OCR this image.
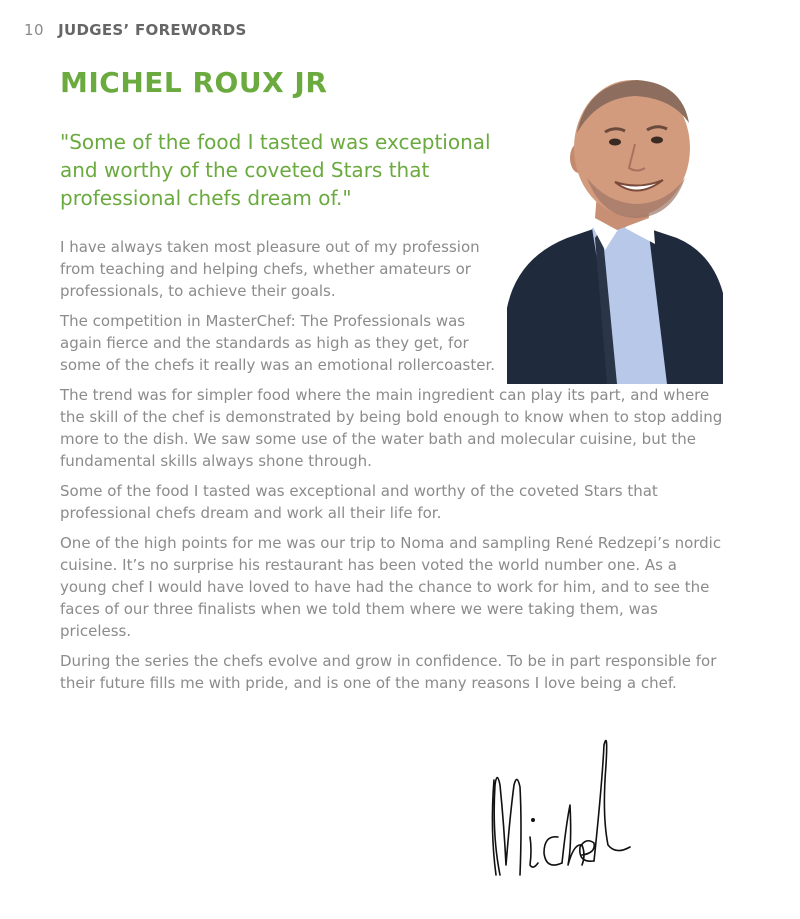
10 JUDGES’ FOREWORDS
MICHEL ROUX JR

"Some of the food I tasted was exceptional and worthy of the coveted Stars that professional chefs dream of."

I have always taken most pleasure out of my profession from teaching and helping chefs, whether amateurs or professionals, to achieve their goals.

The competition in MasterChef: The Professionals was again fierce and the standards as high as they get, for some of the chefs it really was an emotional rollercoaster.

The trend was for simpler food where the main ingredient can play its part, and where the skill of the chef is demonstrated by being bold enough to know when to stop adding more to the dish. We saw some use of the water bath and molecular cuisine, but the fundamental skills always shone through.

Some of the food I tasted was exceptional and worthy of the coveted Stars that professional chefs dream and work all their life for.

One of the high points for me was our trip to Noma and sampling René Redzepi’s nordic cuisine. It’s no surprise his restaurant has been voted the world number one. As a young chef I would have loved to have had the chance to work for him, and to see the faces of our three finalists when we told them where we were taking them, was priceless.

During the series the chefs evolve and grow in confidence. To be in part responsible for their future fills me with pride, and is one of the many reasons I love being a chef.
